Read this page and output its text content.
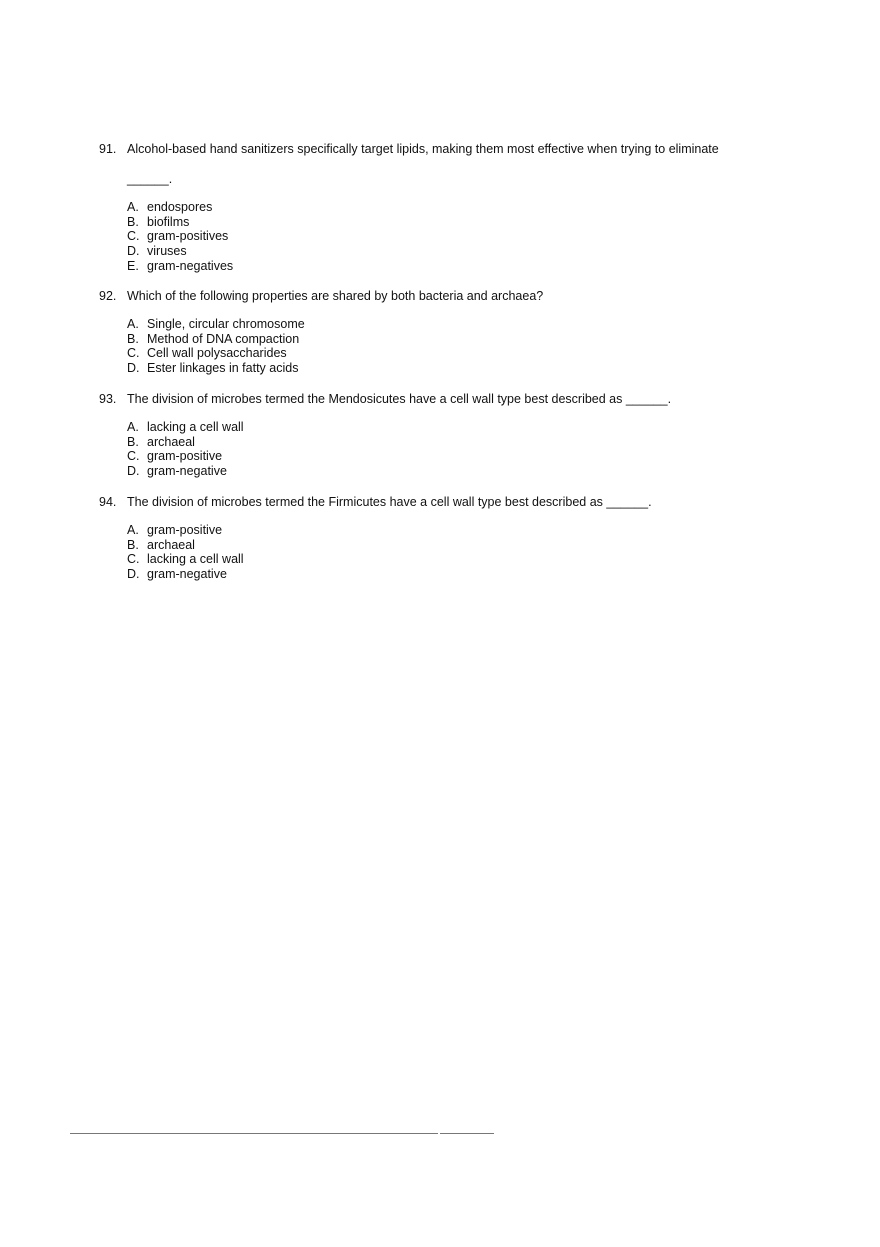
91. Alcohol-based hand sanitizers specifically target lipids, making them most effective when trying to eliminate
______.
A. endospores
B. biofilms
C. gram-positives
D. viruses
E. gram-negatives
92. Which of the following properties are shared by both bacteria and archaea?
A. Single, circular chromosome
B. Method of DNA compaction
C. Cell wall polysaccharides
D. Ester linkages in fatty acids
93. The division of microbes termed the Mendosicutes have a cell wall type best described as ______.
A. lacking a cell wall
B. archaeal
C. gram-positive
D. gram-negative
94. The division of microbes termed the Firmicutes have a cell wall type best described as ______.
A. gram-positive
B. archaeal
C. lacking a cell wall
D. gram-negative
